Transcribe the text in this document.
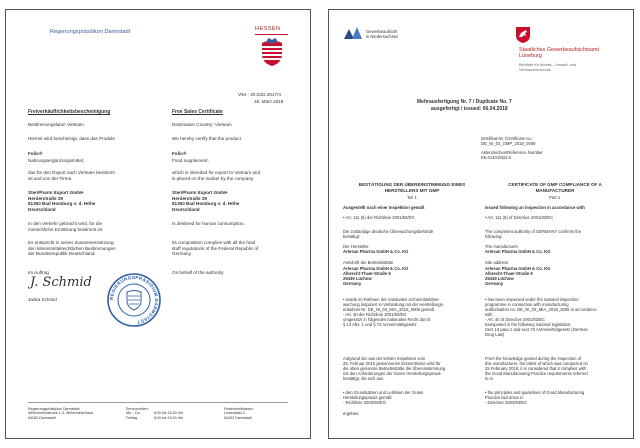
Regierungspräsidium Darmstadt	HESSEN
V54 - 20.03/2.2017/4
26. März 2018
Freiverkäuflichkeitsbescheinigung
Bestimmungsland: Vietnam
Hiermit wird bescheinigt, dass das Produkt
Folio®
Nahrungsergänzungsmittel,
das für den Export nach Vietnam bestimmt
ist und von der Firma
SteriPharm Export GmbH
Herderstraße 29
61350 Bad Homburg v. d. Höhe
Deutschland
In den Verkehr gebracht wird, für die
menschliche Ernährung bestimmt ist.
Es entspricht in seiner Zusammensetzung
den lebensmittelrechtlichen Bestimmungen
der Bundesrepublik Deutschland.
Im Auftrag
J. Schmid
Janka Schmid
Free Sales Certificate
Destination Country: Vietnam
We hereby certify that the product
Folio®
Food supplement,
which is intended for export to Vietnam and
is placed on the market by the company
SteriPharm Export GmbH
Herderstraße 29
61350 Bad Homburg v. d. Höhe
Deutschland
Is destined for human consumption.
Its composition complies with all the food
stuff regulations of the Federal Republic of
Germany.
On behalf of the authority
REGIERUNGSPRÄSIDIUM DARMSTADT
Regierungspräsidium Darmstadt
Wilhelminenstraße 1-3, Wilhelminenhaus
64283 Darmstadt
Servicezeiten:
Mo. - Do.
Freitag

8:00 bis 16:30 Uhr
8:00 bis 15:00 Uhr
Fristenbriefkasten:
Luisenplatz 2
64283 Darmstadt
Gewerbeaufsicht
in Niedersachsen
Staatliches Gewerbeaufsichtsamt
Lüneburg
Behörde für Arbeits-, Umwelt- und
Verbraucherschutz
Mehrausfertigung Nr. 7 / Duplicate No. 7
ausgefertigt / issued: 06.04.2018
Zertifikat-Nr. /Certificate no.:
DE_NI_03_GMP_2018_0009
Aktenzeichen/Reference Number
K5-41401/502.6
BESTÄTIGUNG DER ÜBEREINSTIMMUNG EINES
HERSTELLERS MIT GMP
CERTIFICATE OF GMP COMPLIANCE OF A
MANUFACTURER
Teil 1	Part 1
Ausgestellt nach einer Inspektion gemäß	Issued following an inspection in accordance with
• Art. 111 (5) der Richtlinie 2001/83/EG	• Art. 111 (5) of Directive 2001/83/EC
Die zuständige deutsche Überwachungsbehörde
bestätigt:
The competent authority of GERMANY confirms the
following:
Der Hersteller
Artesan Pharma GmbH & Co. KG
The manufacturer
Artesan Pharma GmbH & Co. KG
Anschrift der Betriebsstätte
Artesan Pharma GmbH & Co. KG
Albrecht-Thaer-Straße 9
29439 Lüchow
Germany
Site address
Artesan Pharma GmbH & Co. KG
Albrecht-Thaer-Straße 9
29439 Lüchow
Germany
• wurde im Rahmen der nationalen Arzneimittelüber-
wachung inspiziert in Verbindung mit der Herstellungs-
erlaubnis Nr. DE_NI_03_MIA_2018_0005 gemäß
- Art. 40 der Richtlinie 2001/83/EG
umgesetzt in folgendes nationales Recht durch:
§ 13 Abs. 1 und § 72 Arzneimittelgesetz
• has been inspected under the national inspection
programme in connection with manufacturing
authorisation no. DE_NI_03_MIA_2018_0005 in accordance
with
- Art. 40 of Directive 2001/83/EC
transposed in the following national legislation:
Sect 13 para 1 and sect 72 Arzneimittelgesetz (German
Drug Law)
Aufgrund der aus der letzten Inspektion vom
25. Februar 2016 gewonnenen Erkenntnisse wird für
die oben genannte Betriebsstätte die Übereinstimmung
mit den Anforderungen der Guten Herstellungspraxis
bestätigt, die sich aus
From the knowledge gained during the inspection of
this manufacturer, the latest of which was conducted on
25 February 2016, it is considered that it complies with
the Good Manufacturing Practice requirements referred
to in
• den Grundsätzen und Leitlinien der Guten
Herstellungspraxis gemäß
- Richtlinie 2003/94/EG
• the principles and guidelines of Good Manufacturing
Practice laid down in
- Directive 2003/94/EC
ergeben.
